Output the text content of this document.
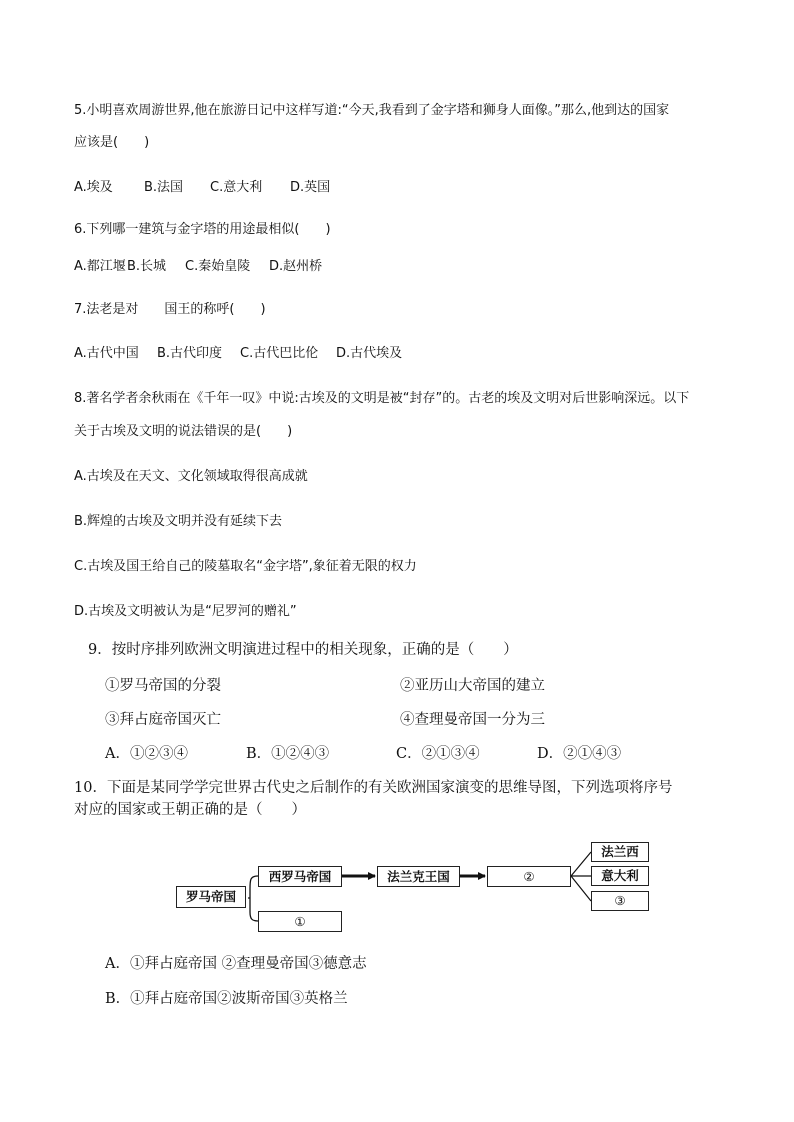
5.小明喜欢周游世界,他在旅游日记中这样写道:“今天,我看到了金字塔和狮身人面像。”那么,他到达的国家
应该是(　　)
A.埃及 B.法国 C.意大利 D.英国
6.下列哪一建筑与金字塔的用途最相似(　　)
A.都江堰 B.长城 C.秦始皇陵 D.赵州桥
7.法老是对　　国王的称呼(　　)
A.古代中国 B.古代印度 C.古代巴比伦 D.古代埃及
8.著名学者余秋雨在《千年一叹》中说:古埃及的文明是被“封存”的。古老的埃及文明对后世影响深远。以下
关于古埃及文明的说法错误的是(　　)
A.古埃及在天文、文化领域取得很高成就
B.辉煌的古埃及文明并没有延续下去
C.古埃及国王给自己的陵墓取名“金字塔”,象征着无限的权力
D.古埃及文明被认为是“尼罗河的赠礼”
9．按时序排列欧洲文明演进过程中的相关现象，正确的是（　　）
①罗马帝国的分裂	②亚历山大帝国的建立
③拜占庭帝国灭亡	④查理曼帝国一分为三
A．①②③④	B．①②④③	C．②①③④	D．②①④③
10．下面是某同学学完世界古代史之后制作的有关欧洲国家演变的思维导图，下列选项将序号
对应的国家或王朝正确的是（　　）
罗马帝国
西罗马帝国
①
法兰克王国	②
法兰西
意大利
③
A．①拜占庭帝国 ②查理曼帝国③德意志
B．①拜占庭帝国②波斯帝国③英格兰
